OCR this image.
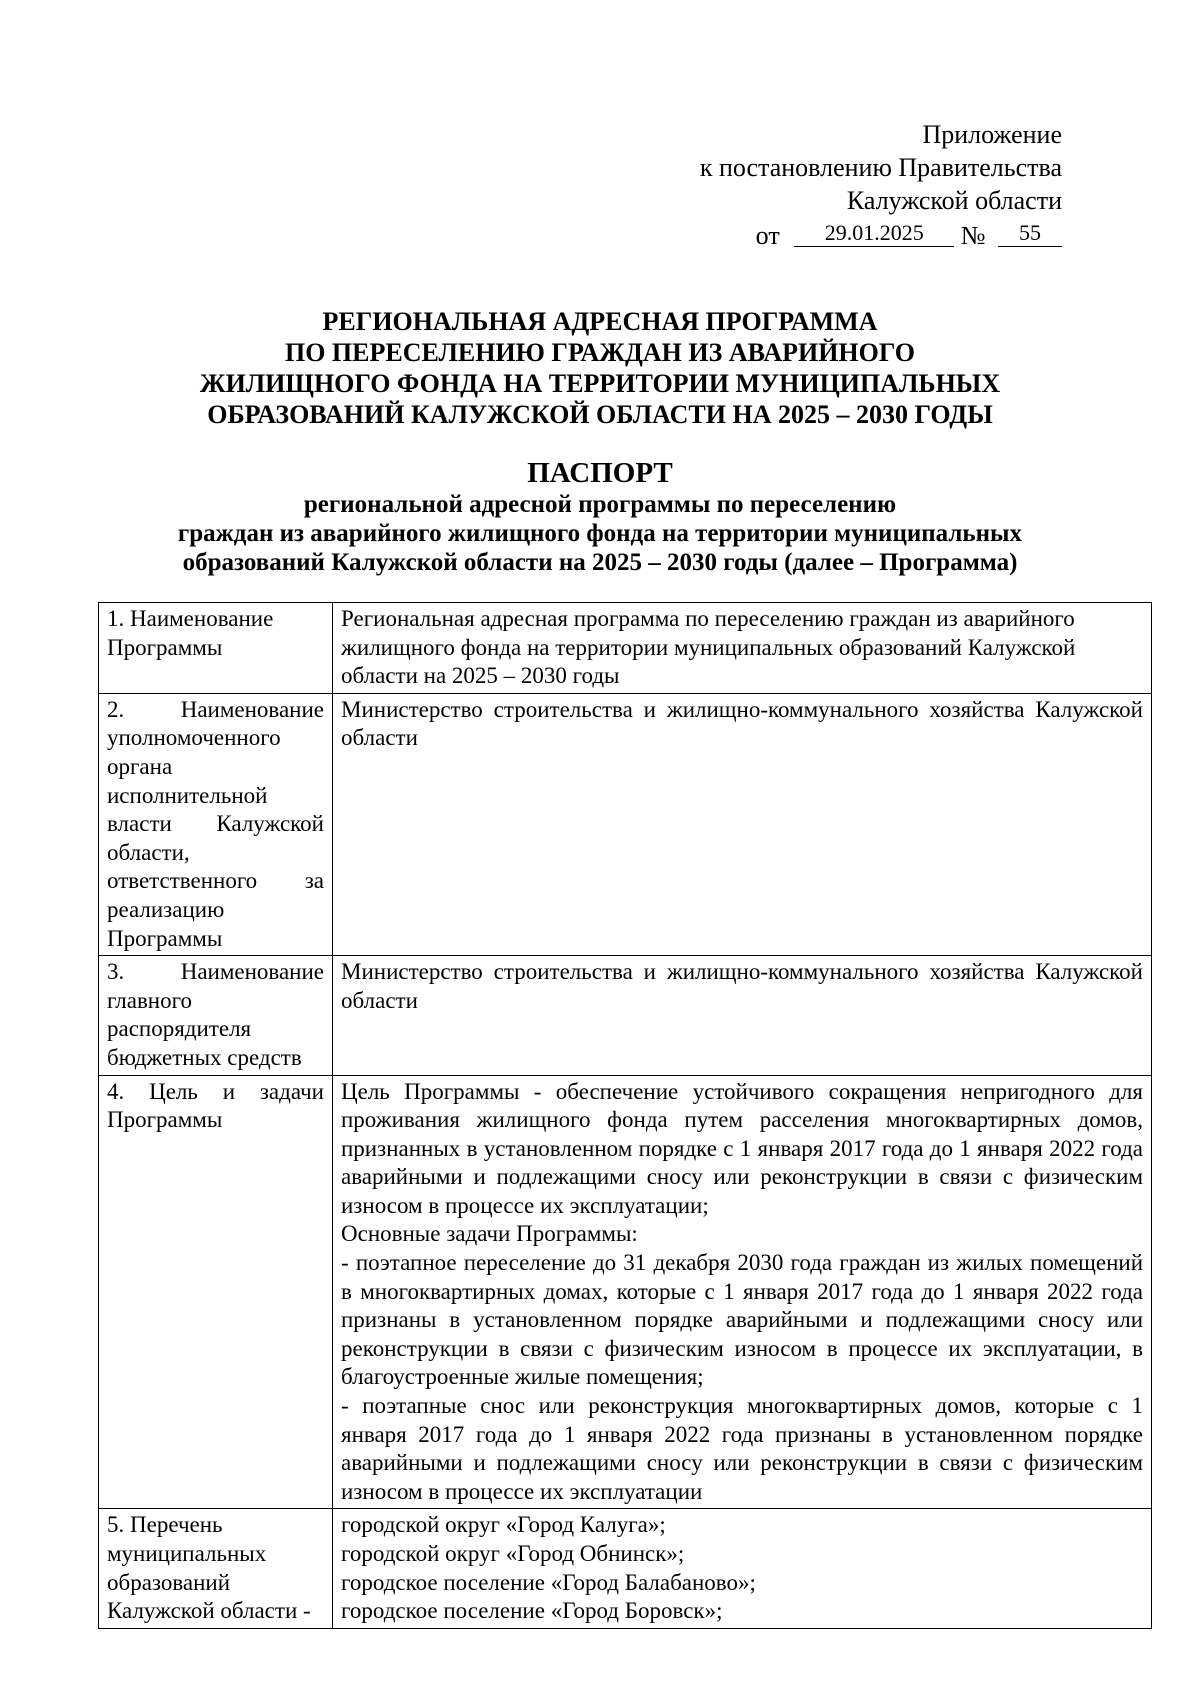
Приложение
к постановлению Правительства
Калужской области
от 29.01.2025 № 55
РЕГИОНАЛЬНАЯ АДРЕСНАЯ ПРОГРАММА
ПО ПЕРЕСЕЛЕНИЮ ГРАЖДАН ИЗ АВАРИЙНОГО
ЖИЛИЩНОГО ФОНДА НА ТЕРРИТОРИИ МУНИЦИПАЛЬНЫХ
ОБРАЗОВАНИЙ КАЛУЖСКОЙ ОБЛАСТИ НА 2025 – 2030 ГОДЫ
ПАСПОРТ
региональной адресной программы по переселению
граждан из аварийного жилищного фонда на территории муниципальных
образований Калужской области на 2025 – 2030 годы (далее – Программа)
1. Наименование Программы	Региональная адресная программа по переселению граждан из аварийного жилищного фонда на территории муниципальных образований Калужской области на 2025 – 2030 годы
2. Наименование уполномоченного органа исполнительной власти Калужской области, ответственного за реализацию Программы	Министерство строительства и жилищно-коммунального хозяйства Калужской области
3. Наименование главного распорядителя бюджетных средств	Министерство строительства и жилищно-коммунального хозяйства Калужской области
4. Цель и задачи Программы	Цель Программы - обеспечение устойчивого сокращения непригодного для проживания жилищного фонда путем расселения многоквартирных домов, признанных в установленном порядке с 1 января 2017 года до 1 января 2022 года аварийными и подлежащими сносу или реконструкции в связи с физическим износом в процессе их эксплуатации;
Основные задачи Программы:
- поэтапное переселение до 31 декабря 2030 года граждан из жилых помещений в многоквартирных домах, которые с 1 января 2017 года до 1 января 2022 года признаны в установленном порядке аварийными и подлежащими сносу или реконструкции в связи с физическим износом в процессе их эксплуатации, в благоустроенные жилые помещения;
- поэтапные снос или реконструкция многоквартирных домов, которые с 1 января 2017 года до 1 января 2022 года признаны в установленном порядке аварийными и подлежащими сносу или реконструкции в связи с физическим износом в процессе их эксплуатации

5. Перечень муниципальных образований Калужской области -	городской округ «Город Калуга»;
городской округ «Город Обнинск»;
городское поселение «Город Балабаново»;
городское поселение «Город Боровск»;
